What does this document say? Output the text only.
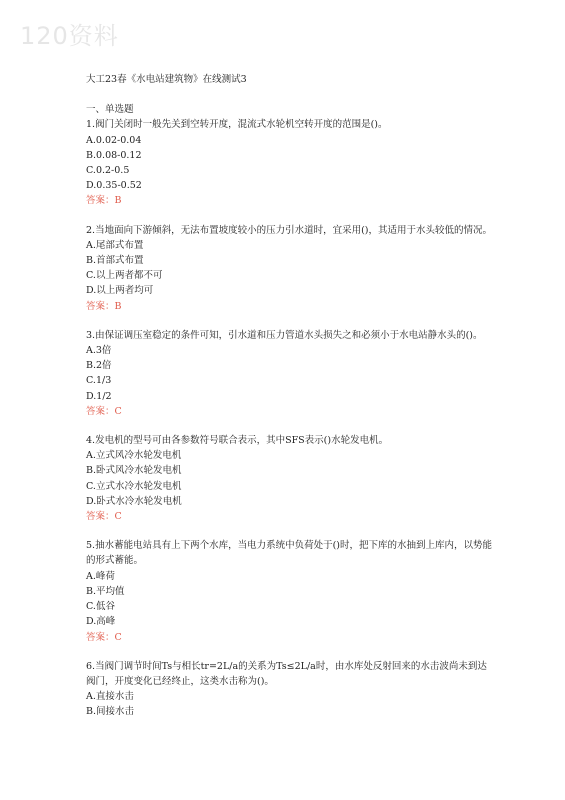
120资料
大工23春《水电站建筑物》在线测试3
一、单选题
1.阀门关闭时一般先关到空转开度，混流式水轮机空转开度的范围是()。
A.0.02-0.04
B.0.08-0.12
C.0.2-0.5
D.0.35-0.52
答案：B
2.当地面向下游倾斜，无法布置坡度较小的压力引水道时，宜采用()，其适用于水头较低的情况。
A.尾部式布置
B.首部式布置
C.以上两者都不可
D.以上两者均可
答案：B
3.由保证调压室稳定的条件可知，引水道和压力管道水头损失之和必须小于水电站静水头的()。
A.3倍
B.2倍
C.1/3
D.1/2
答案：C
4.发电机的型号可由各参数符号联合表示，其中SFS表示()水轮发电机。
A.立式风冷水轮发电机
B.卧式风冷水轮发电机
C.立式水冷水轮发电机
D.卧式水冷水轮发电机
答案：C
5.抽水蓄能电站具有上下两个水库，当电力系统中负荷处于()时，把下库的水抽到上库内，以势能的形式蓄能。
A.峰荷
B.平均值
C.低谷
D.高峰
答案：C
6.当阀门调节时间Ts与相长tr=2L/a的关系为Ts≤2L/a时，由水库处反射回来的水击波尚未到达阀门，开度变化已经终止，这类水击称为()。
A.直接水击
B.间接水击
